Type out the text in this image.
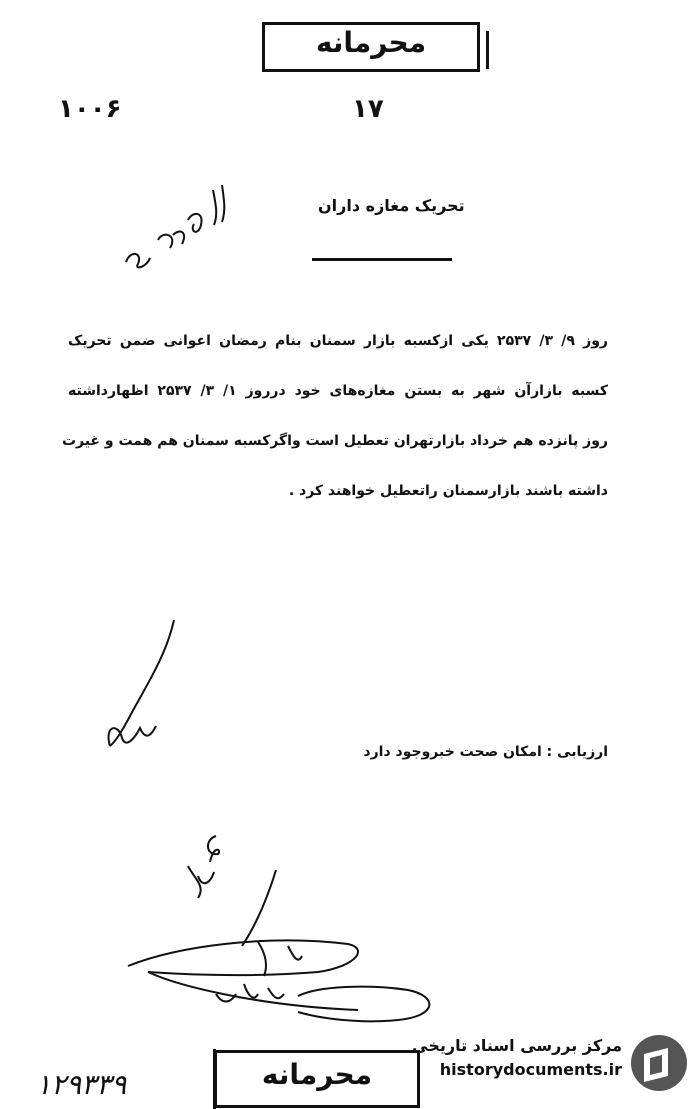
محرمانه
۱۰۰۶	۱۷
تحریک مغازه داران
روز ۹/ ۳/ ۲۵۳۷ یکی ازکسبه بازار سمنان بنام رمضان اعوانی ضمن تحریک
کسبه بازارآن شهر به بستن مغازه‌های خود درروز ۱/ ۳/ ۲۵۳۷ اظهارداشته
روز پانزده هم خرداد بازارتهران تعطیل است واگرکسبه سمنان هم همت و غیرت
داشته باشند بازارسمنان راتعطیل خواهند کرد .
ارزیابی : امکان صحت خبروجود دارد
۱۲۹۳۳۹	محرمانه
مرکز بررسی اسناد تاریخی
historydocuments.ir
